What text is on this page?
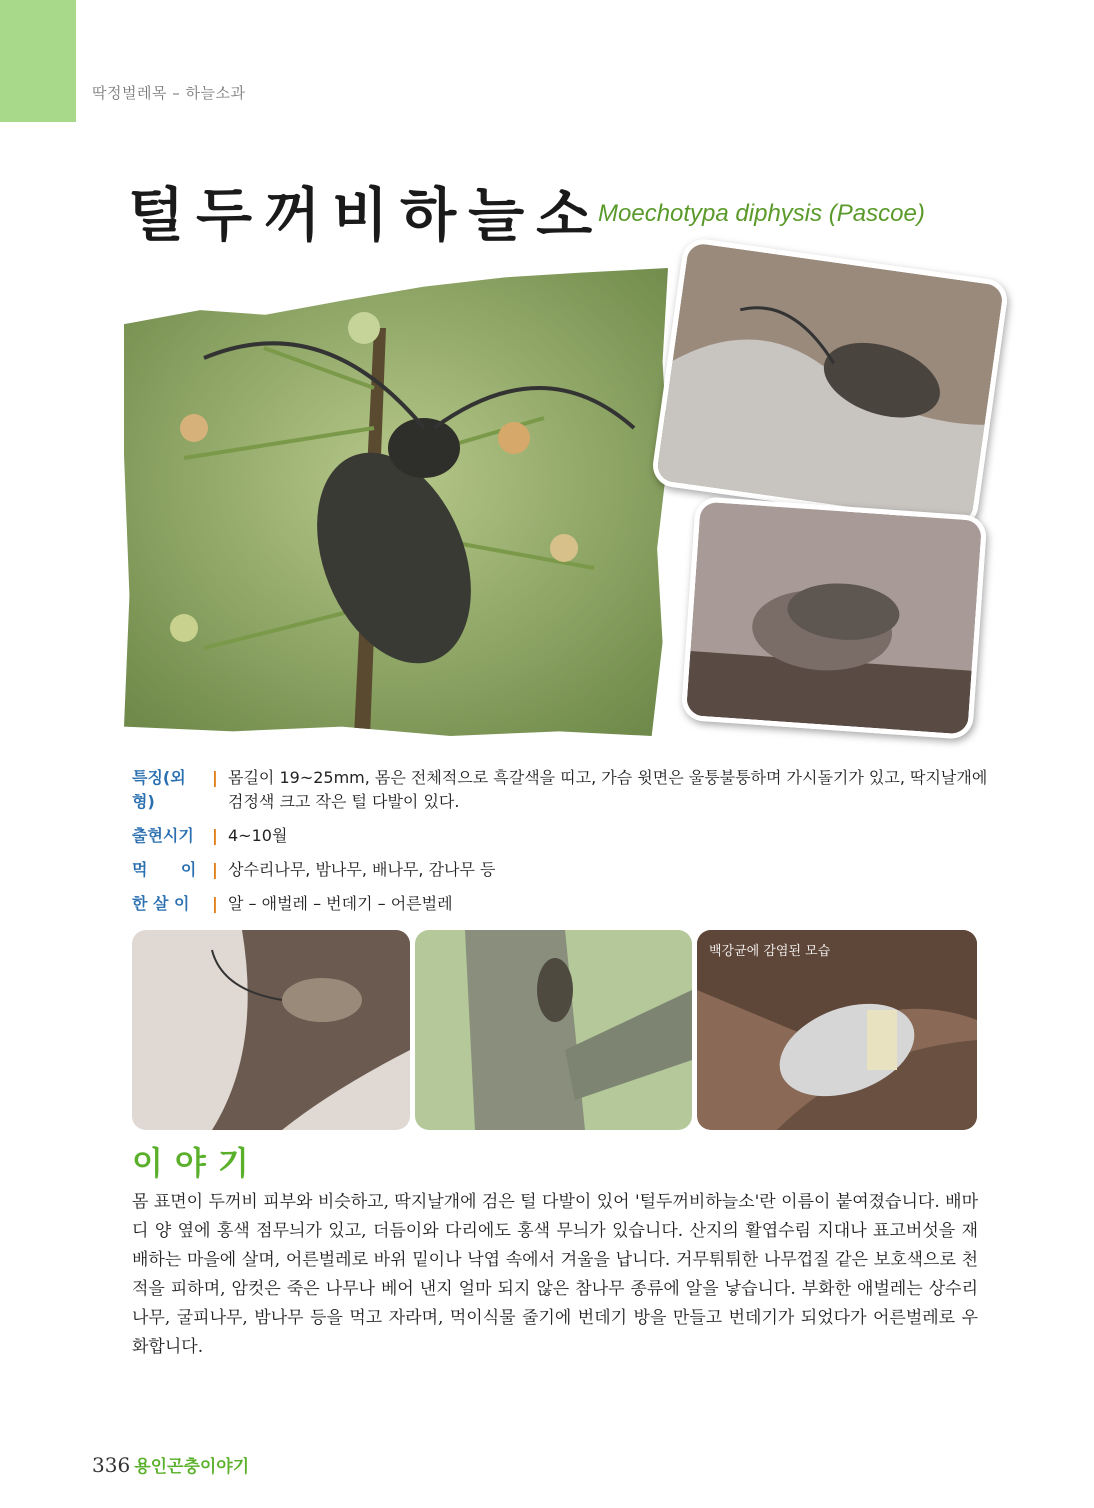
딱정벌레목 – 하늘소과
털두꺼비하늘소
Moechotypa diphysis (Pascoe)
특징(외형)
| 몸길이 19~25mm, 몸은 전체적으로 흑갈색을 띠고, 가슴 윗면은 울퉁불퉁하며 가시돌기가 있고, 딱지날개에 검정색 크고 작은 털 다발이 있다.
출현시기	| 4~10월
먹      이 | 상수리나무, 밤나무, 배나무, 감나무 등
한 살 이	| 알 – 애벌레 – 번데기 – 어른벌레
백강균에 감염된 모습
이야기
몸 표면이 두꺼비 피부와 비슷하고, 딱지날개에 검은 털 다발이 있어 '털두꺼비하늘소'란 이름이 붙여졌습니다. 배마디 양 옆에 홍색 점무늬가 있고, 더듬이와 다리에도 홍색 무늬가 있습니다. 산지의 활엽수림 지대나 표고버섯을 재배하는 마을에 살며, 어른벌레로 바위 밑이나 낙엽 속에서 겨울을 납니다. 거무튀튀한 나무껍질 같은 보호색으로 천적을 피하며, 암컷은 죽은 나무나 베어 낸지 얼마 되지 않은 참나무 종류에 알을 낳습니다. 부화한 애벌레는 상수리나무, 굴피나무, 밤나무 등을 먹고 자라며, 먹이식물 줄기에 번데기 방을 만들고 번데기가 되었다가 어른벌레로 우화합니다.
336 용인곤충이야기
